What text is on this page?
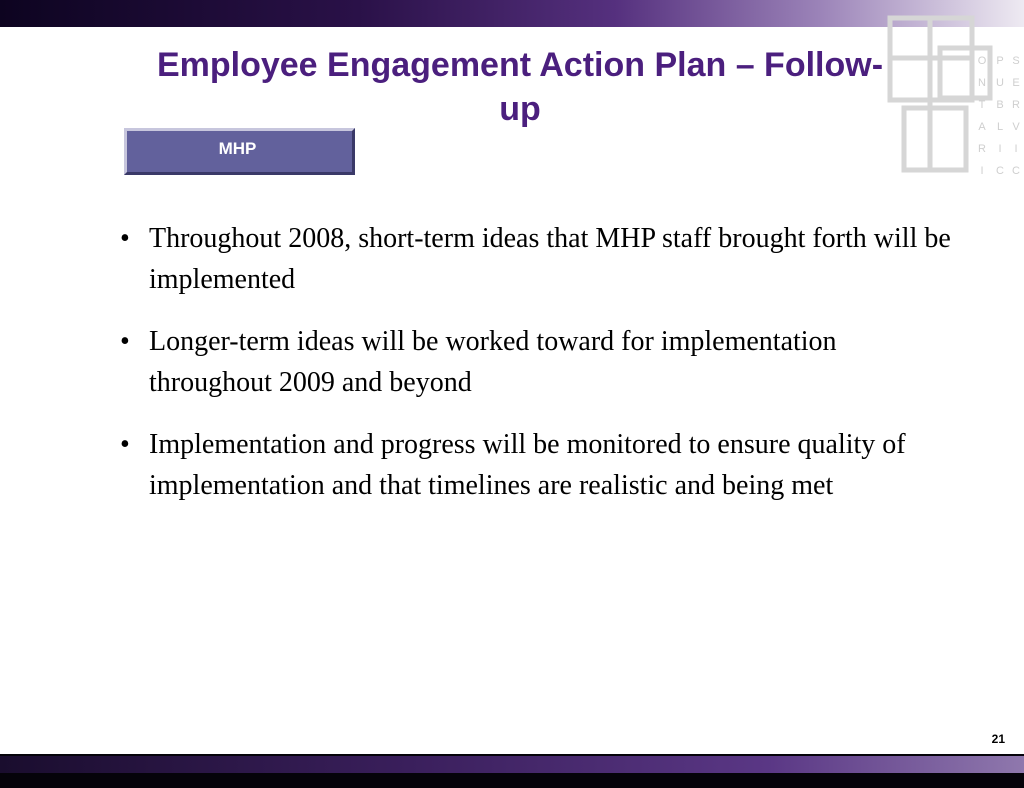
O
N
T
A
R
I
P
U
B
L
I
C
S
E
R
V
I
C
Employee Engagement Action Plan – Follow-up
MHP
• Throughout 2008, short-term ideas that MHP staff brought forth will be implemented
• Longer-term ideas will be worked toward for implementation throughout 2009 and beyond
• Implementation and progress will be monitored to ensure quality of implementation and that timelines are realistic and being met
21
